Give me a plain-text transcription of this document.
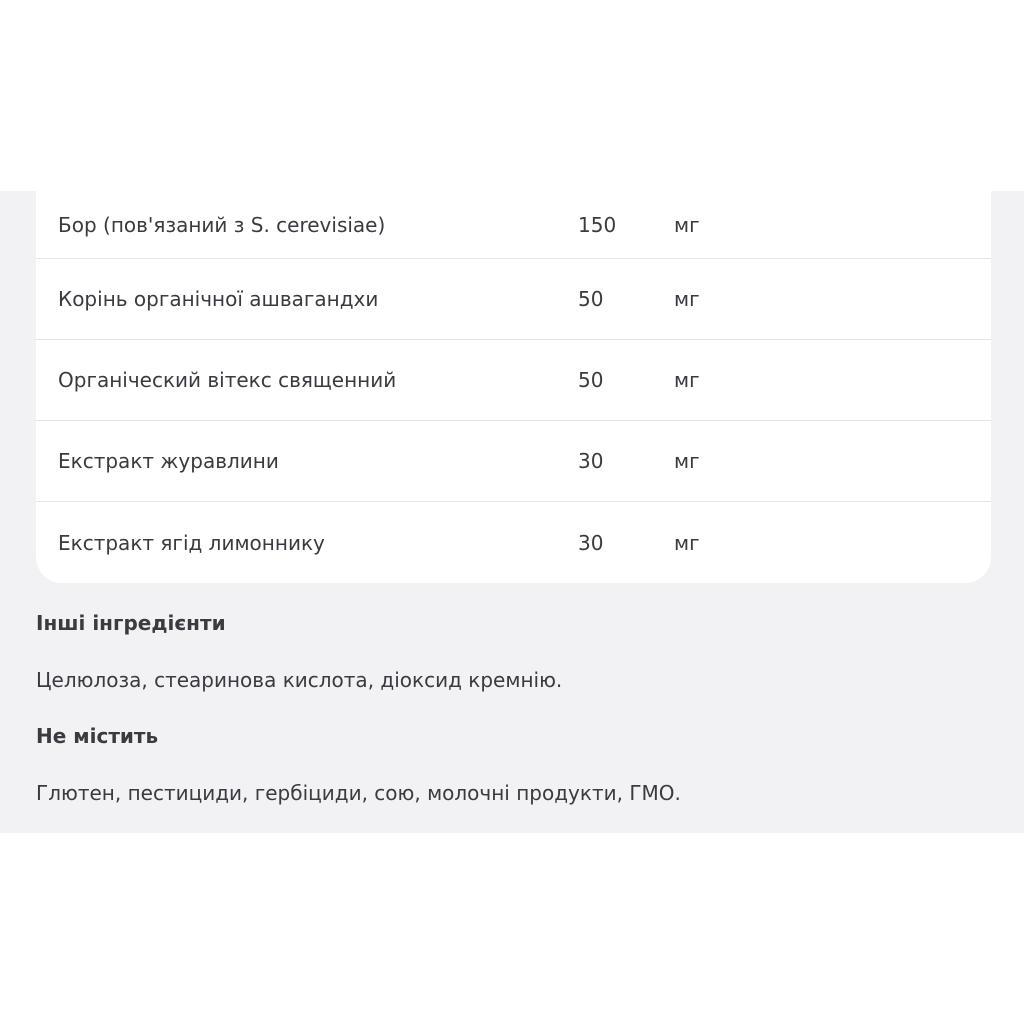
Бор (пов'язаний з S. cerevisiae)	150	мг
Корінь органічної ашвагандхи	50	мг
Органіческий вітекс священний	50	мг
Екстракт журавлини	30	мг
Екстракт ягід лимоннику	30	мг
Інші інгредієнти
Целюлоза, стеаринова кислота, діоксид кремнію.
Не містить
Глютен, пестициди, гербіциди, сою, молочні продукти, ГМО.
